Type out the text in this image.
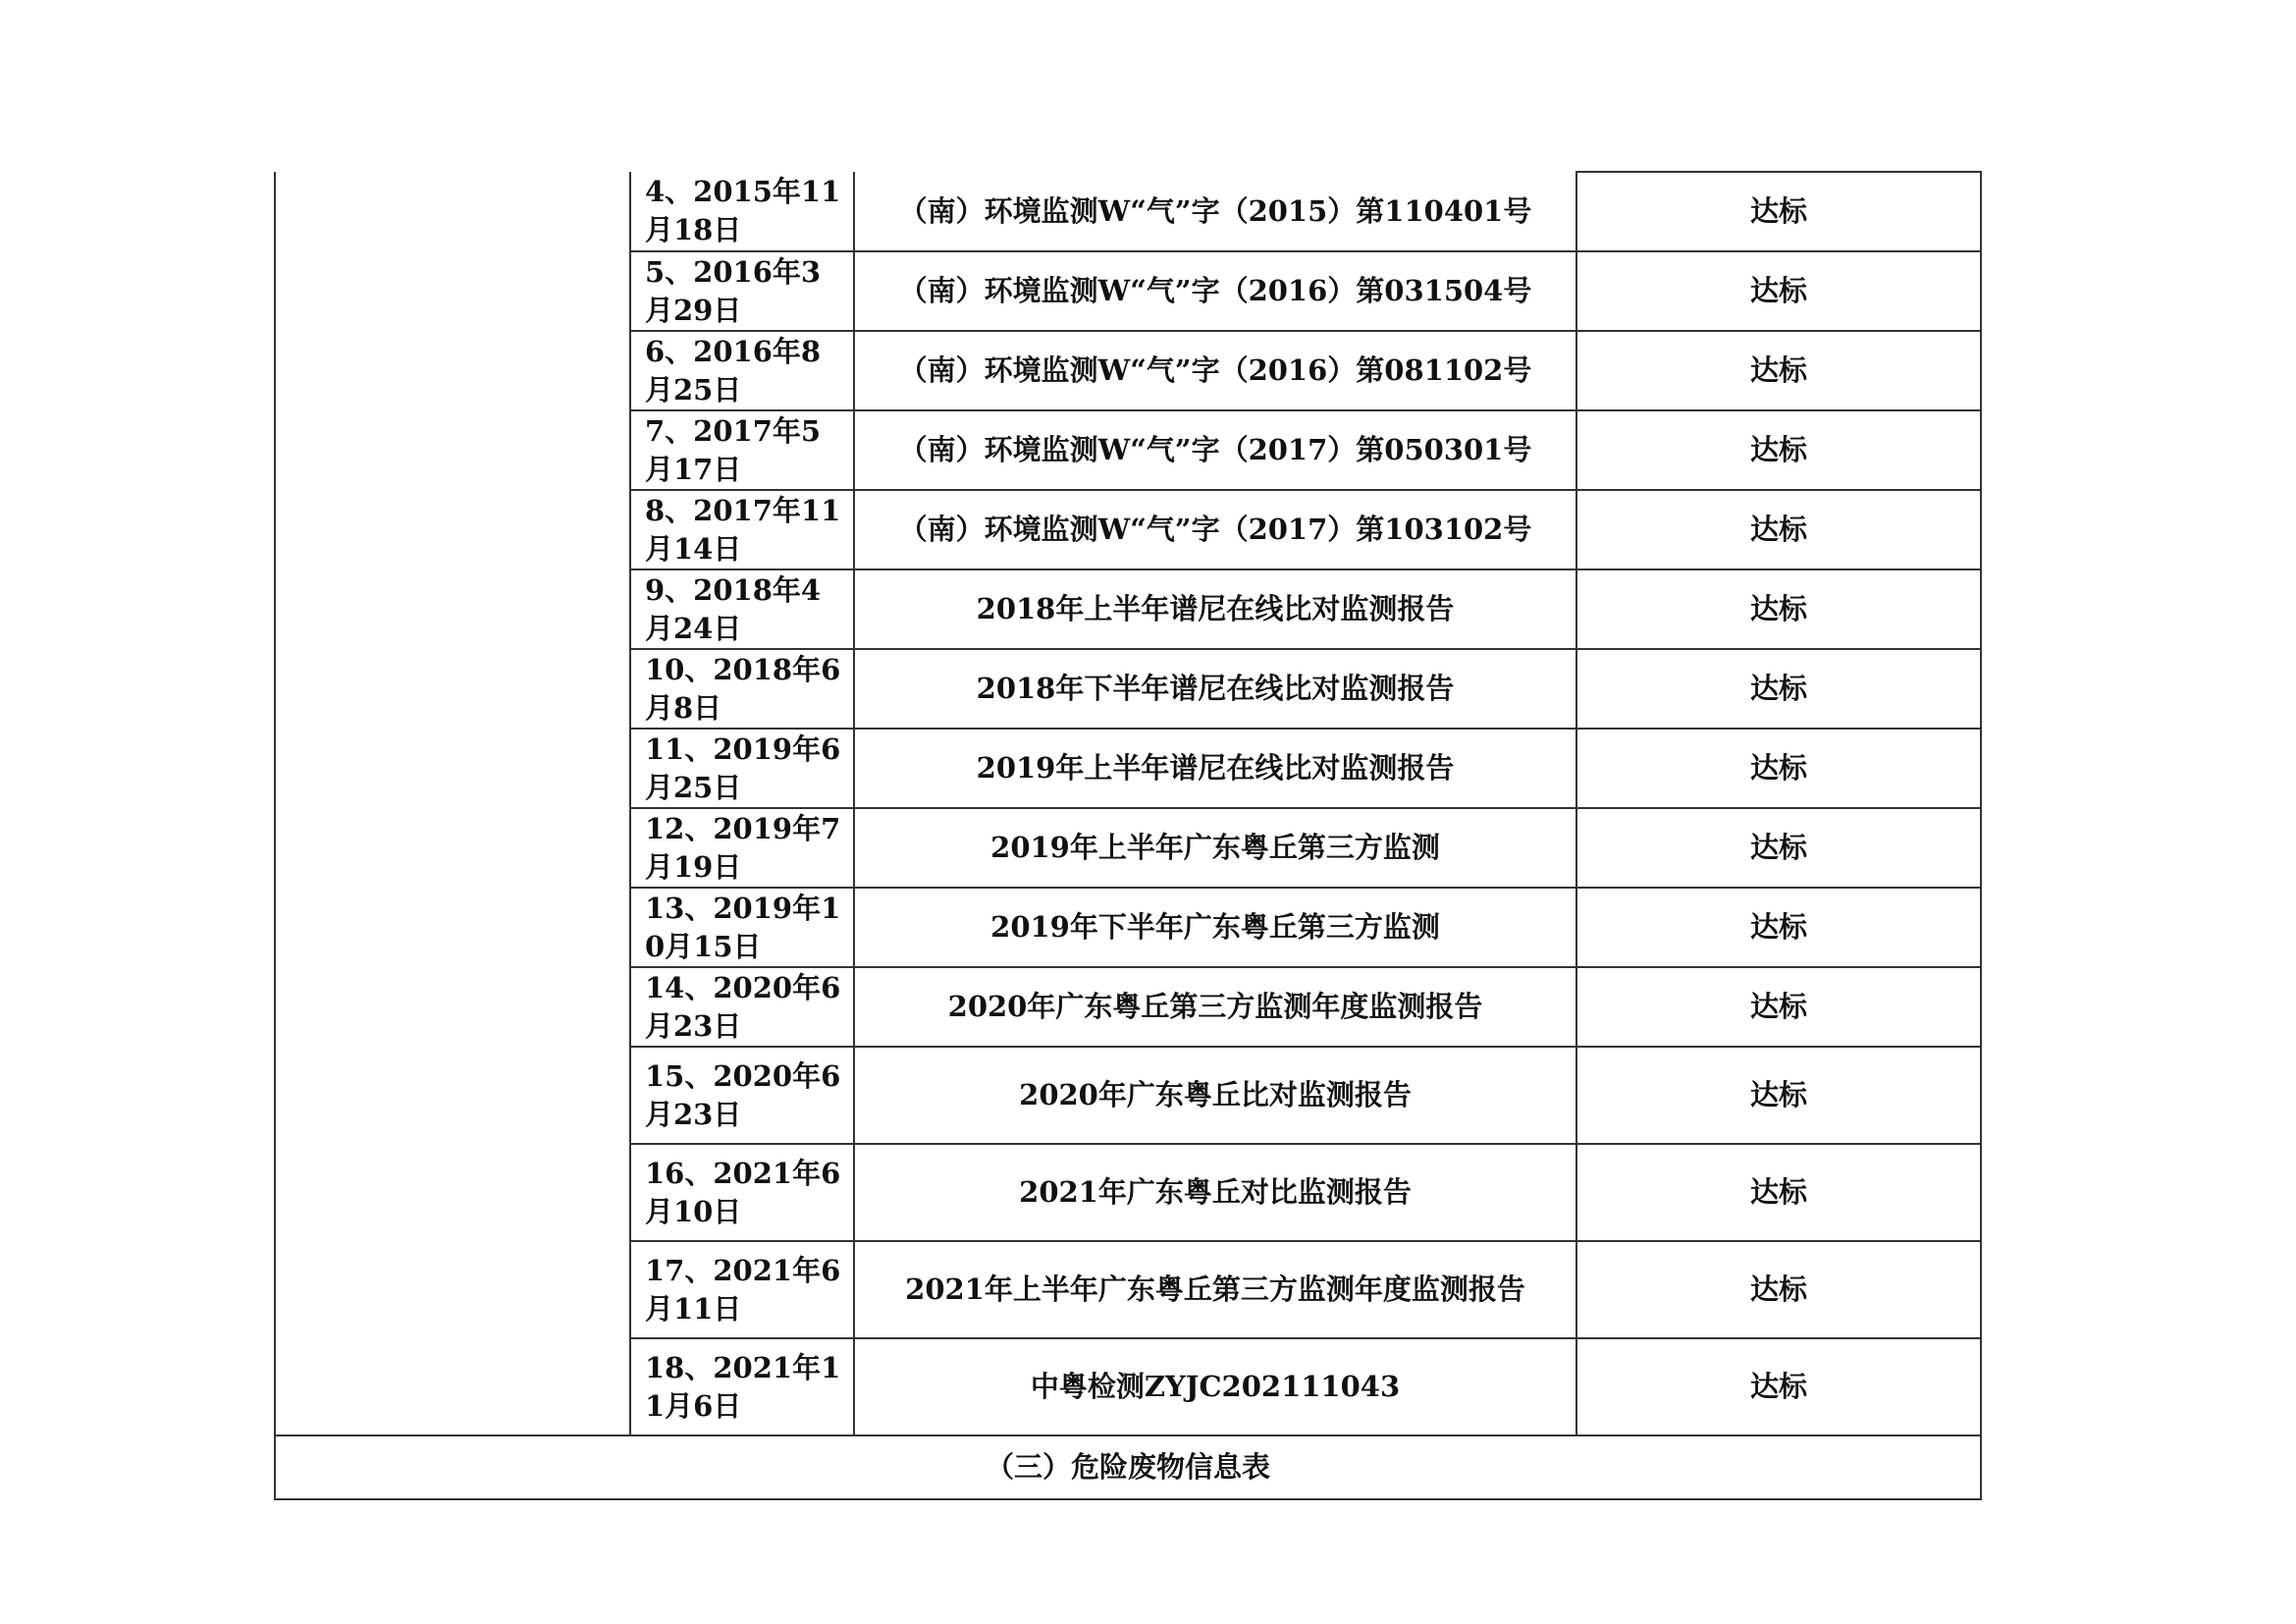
	4、2015年11月18日	（南）环境监测W“气”字（2015）第110401号	达标
	5、2016年3月29日	（南）环境监测W“气”字（2016）第031504号	达标
	6、2016年8月25日	（南）环境监测W“气”字（2016）第081102号	达标
	7、2017年5月17日	（南）环境监测W“气”字（2017）第050301号	达标
	8、2017年11月14日	（南）环境监测W“气”字（2017）第103102号	达标
	9、2018年4月24日	2018年上半年谱尼在线比对监测报告	达标
	10、2018年6月8日	2018年下半年谱尼在线比对监测报告	达标
	11、2019年6月25日	2019年上半年谱尼在线比对监测报告	达标
	12、2019年7月19日	2019年上半年广东粤丘第三方监测	达标
	13、2019年10月15日	2019年下半年广东粤丘第三方监测	达标
	14、2020年6月23日	2020年广东粤丘第三方监测年度监测报告	达标
	15、2020年6月23日	2020年广东粤丘比对监测报告	达标
	16、2021年6月10日	2021年广东粤丘对比监测报告	达标
	17、2021年6月11日	2021年上半年广东粤丘第三方监测年度监测报告	达标
	18、2021年11月6日	中粤检测ZYJC202111043	达标
（三）危险废物信息表			
